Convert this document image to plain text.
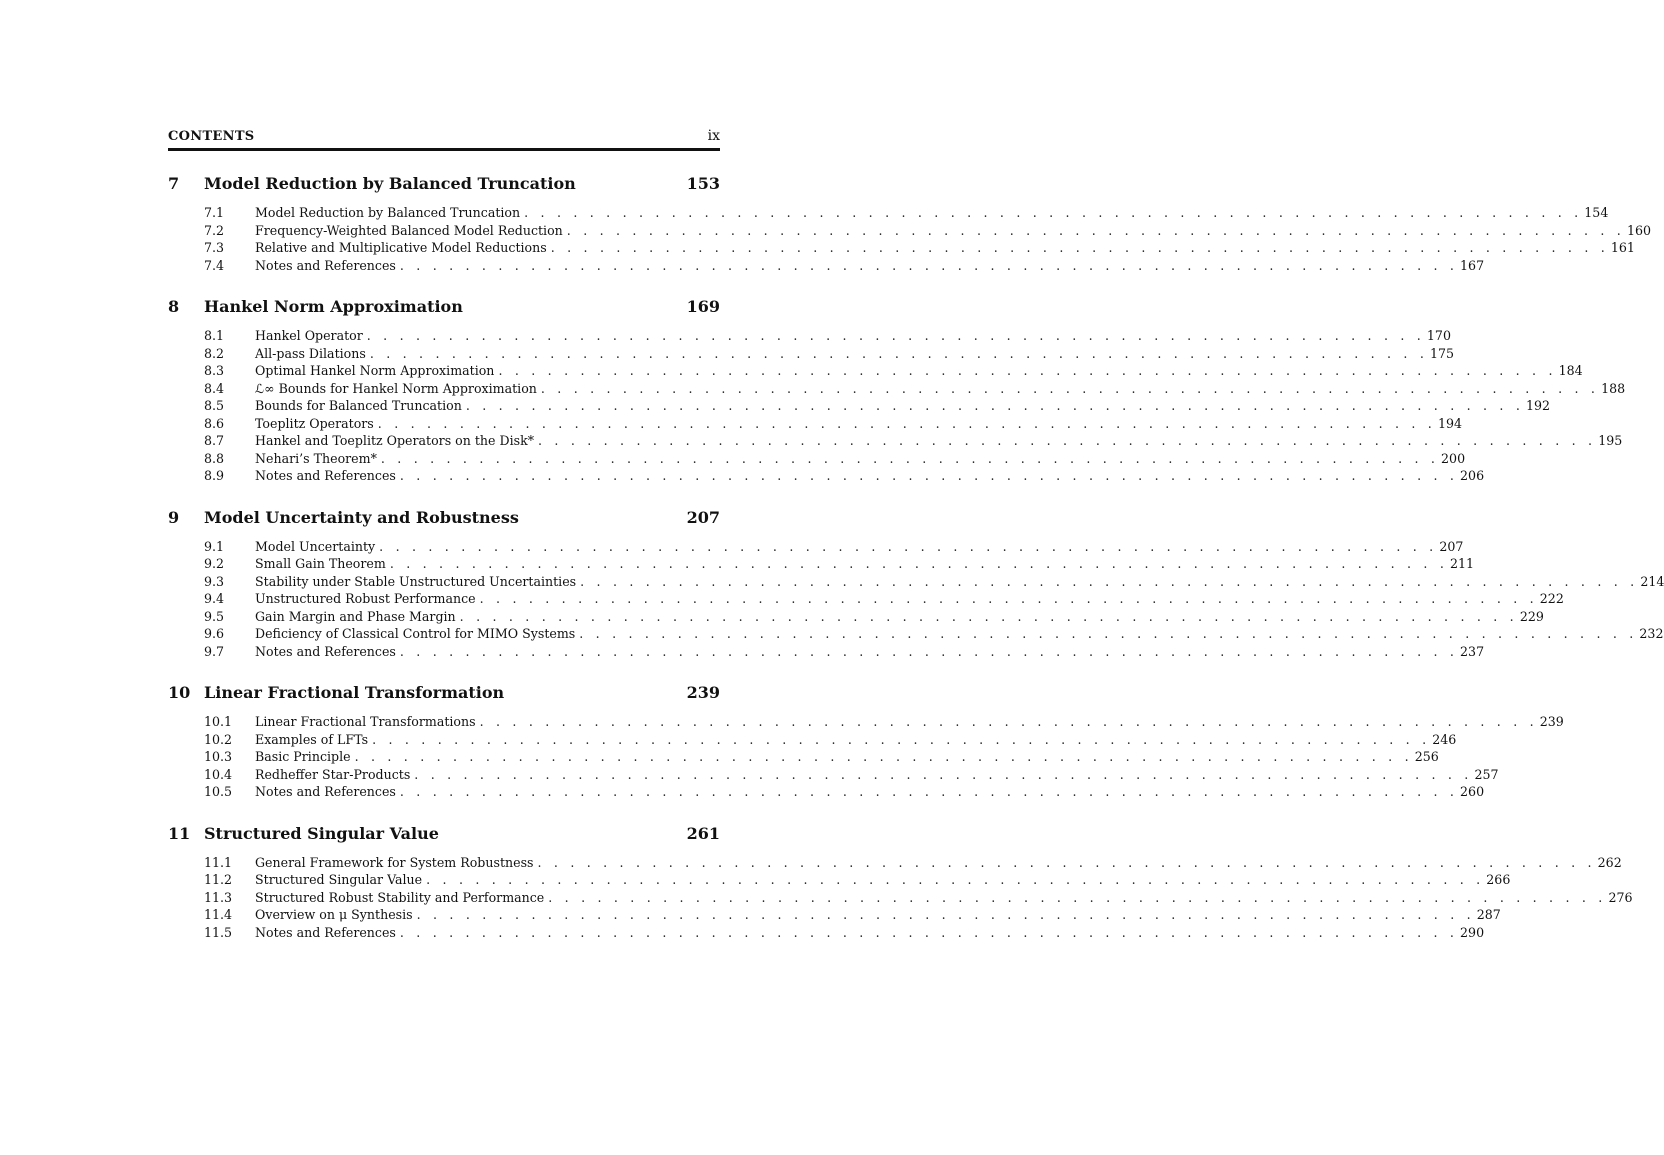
CONTENTS	ix
7	Model Reduction by Balanced Truncation	153
7.1	Model Reduction by Balanced Truncation . . . . . . . . . . . . . . . . . . . . . . . . . . . . . . . . . . . . . . . . . . . . . . . . . . . . . . . . . . . . . . . . . 154
7.2	Frequency-Weighted Balanced Model Reduction . . . . . . . . . . . . . . . . . . . . . . . . . . . . . . . . . . . . . . . . . . . . . . . . . . . . . . . . . . . . . . . . . 160
7.3	Relative and Multiplicative Model Reductions . . . . . . . . . . . . . . . . . . . . . . . . . . . . . . . . . . . . . . . . . . . . . . . . . . . . . . . . . . . . . . . . . 161
7.4	Notes and References . . . . . . . . . . . . . . . . . . . . . . . . . . . . . . . . . . . . . . . . . . . . . . . . . . . . . . . . . . . . . . . . . 167
8	Hankel Norm Approximation	169
8.1	Hankel Operator . . . . . . . . . . . . . . . . . . . . . . . . . . . . . . . . . . . . . . . . . . . . . . . . . . . . . . . . . . . . . . . . . 170
8.2	All-pass Dilations . . . . . . . . . . . . . . . . . . . . . . . . . . . . . . . . . . . . . . . . . . . . . . . . . . . . . . . . . . . . . . . . . 175
8.3	Optimal Hankel Norm Approximation . . . . . . . . . . . . . . . . . . . . . . . . . . . . . . . . . . . . . . . . . . . . . . . . . . . . . . . . . . . . . . . . . 184
8.4	ℒ∞ Bounds for Hankel Norm Approximation . . . . . . . . . . . . . . . . . . . . . . . . . . . . . . . . . . . . . . . . . . . . . . . . . . . . . . . . . . . . . . . . . 188
8.5	Bounds for Balanced Truncation . . . . . . . . . . . . . . . . . . . . . . . . . . . . . . . . . . . . . . . . . . . . . . . . . . . . . . . . . . . . . . . . . 192
8.6	Toeplitz Operators . . . . . . . . . . . . . . . . . . . . . . . . . . . . . . . . . . . . . . . . . . . . . . . . . . . . . . . . . . . . . . . . . 194
8.7	Hankel and Toeplitz Operators on the Disk* . . . . . . . . . . . . . . . . . . . . . . . . . . . . . . . . . . . . . . . . . . . . . . . . . . . . . . . . . . . . . . . . . 195
8.8	Nehari’s Theorem* . . . . . . . . . . . . . . . . . . . . . . . . . . . . . . . . . . . . . . . . . . . . . . . . . . . . . . . . . . . . . . . . . 200
8.9	Notes and References . . . . . . . . . . . . . . . . . . . . . . . . . . . . . . . . . . . . . . . . . . . . . . . . . . . . . . . . . . . . . . . . . 206
9	Model Uncertainty and Robustness	207
9.1	Model Uncertainty . . . . . . . . . . . . . . . . . . . . . . . . . . . . . . . . . . . . . . . . . . . . . . . . . . . . . . . . . . . . . . . . . 207
9.2	Small Gain Theorem . . . . . . . . . . . . . . . . . . . . . . . . . . . . . . . . . . . . . . . . . . . . . . . . . . . . . . . . . . . . . . . . . 211
9.3	Stability under Stable Unstructured Uncertainties . . . . . . . . . . . . . . . . . . . . . . . . . . . . . . . . . . . . . . . . . . . . . . . . . . . . . . . . . . . . . . . . . 214
9.4	Unstructured Robust Performance . . . . . . . . . . . . . . . . . . . . . . . . . . . . . . . . . . . . . . . . . . . . . . . . . . . . . . . . . . . . . . . . . 222
9.5	Gain Margin and Phase Margin . . . . . . . . . . . . . . . . . . . . . . . . . . . . . . . . . . . . . . . . . . . . . . . . . . . . . . . . . . . . . . . . . 229
9.6	Deficiency of Classical Control for MIMO Systems . . . . . . . . . . . . . . . . . . . . . . . . . . . . . . . . . . . . . . . . . . . . . . . . . . . . . . . . . . . . . . . . . 232
9.7	Notes and References . . . . . . . . . . . . . . . . . . . . . . . . . . . . . . . . . . . . . . . . . . . . . . . . . . . . . . . . . . . . . . . . . 237
10 Linear Fractional Transformation	239
10.1	Linear Fractional Transformations . . . . . . . . . . . . . . . . . . . . . . . . . . . . . . . . . . . . . . . . . . . . . . . . . . . . . . . . . . . . . . . . . 239
10.2	Examples of LFTs . . . . . . . . . . . . . . . . . . . . . . . . . . . . . . . . . . . . . . . . . . . . . . . . . . . . . . . . . . . . . . . . . 246
10.3	Basic Principle . . . . . . . . . . . . . . . . . . . . . . . . . . . . . . . . . . . . . . . . . . . . . . . . . . . . . . . . . . . . . . . . . 256
10.4	Redheffer Star-Products . . . . . . . . . . . . . . . . . . . . . . . . . . . . . . . . . . . . . . . . . . . . . . . . . . . . . . . . . . . . . . . . . 257
10.5	Notes and References . . . . . . . . . . . . . . . . . . . . . . . . . . . . . . . . . . . . . . . . . . . . . . . . . . . . . . . . . . . . . . . . . 260
11 Structured Singular Value	261
11.1	General Framework for System Robustness . . . . . . . . . . . . . . . . . . . . . . . . . . . . . . . . . . . . . . . . . . . . . . . . . . . . . . . . . . . . . . . . . 262
11.2	Structured Singular Value . . . . . . . . . . . . . . . . . . . . . . . . . . . . . . . . . . . . . . . . . . . . . . . . . . . . . . . . . . . . . . . . . 266
11.3	Structured Robust Stability and Performance . . . . . . . . . . . . . . . . . . . . . . . . . . . . . . . . . . . . . . . . . . . . . . . . . . . . . . . . . . . . . . . . . 276
11.4	Overview on μ Synthesis . . . . . . . . . . . . . . . . . . . . . . . . . . . . . . . . . . . . . . . . . . . . . . . . . . . . . . . . . . . . . . . . . 287
11.5	Notes and References . . . . . . . . . . . . . . . . . . . . . . . . . . . . . . . . . . . . . . . . . . . . . . . . . . . . . . . . . . . . . . . . . 290
